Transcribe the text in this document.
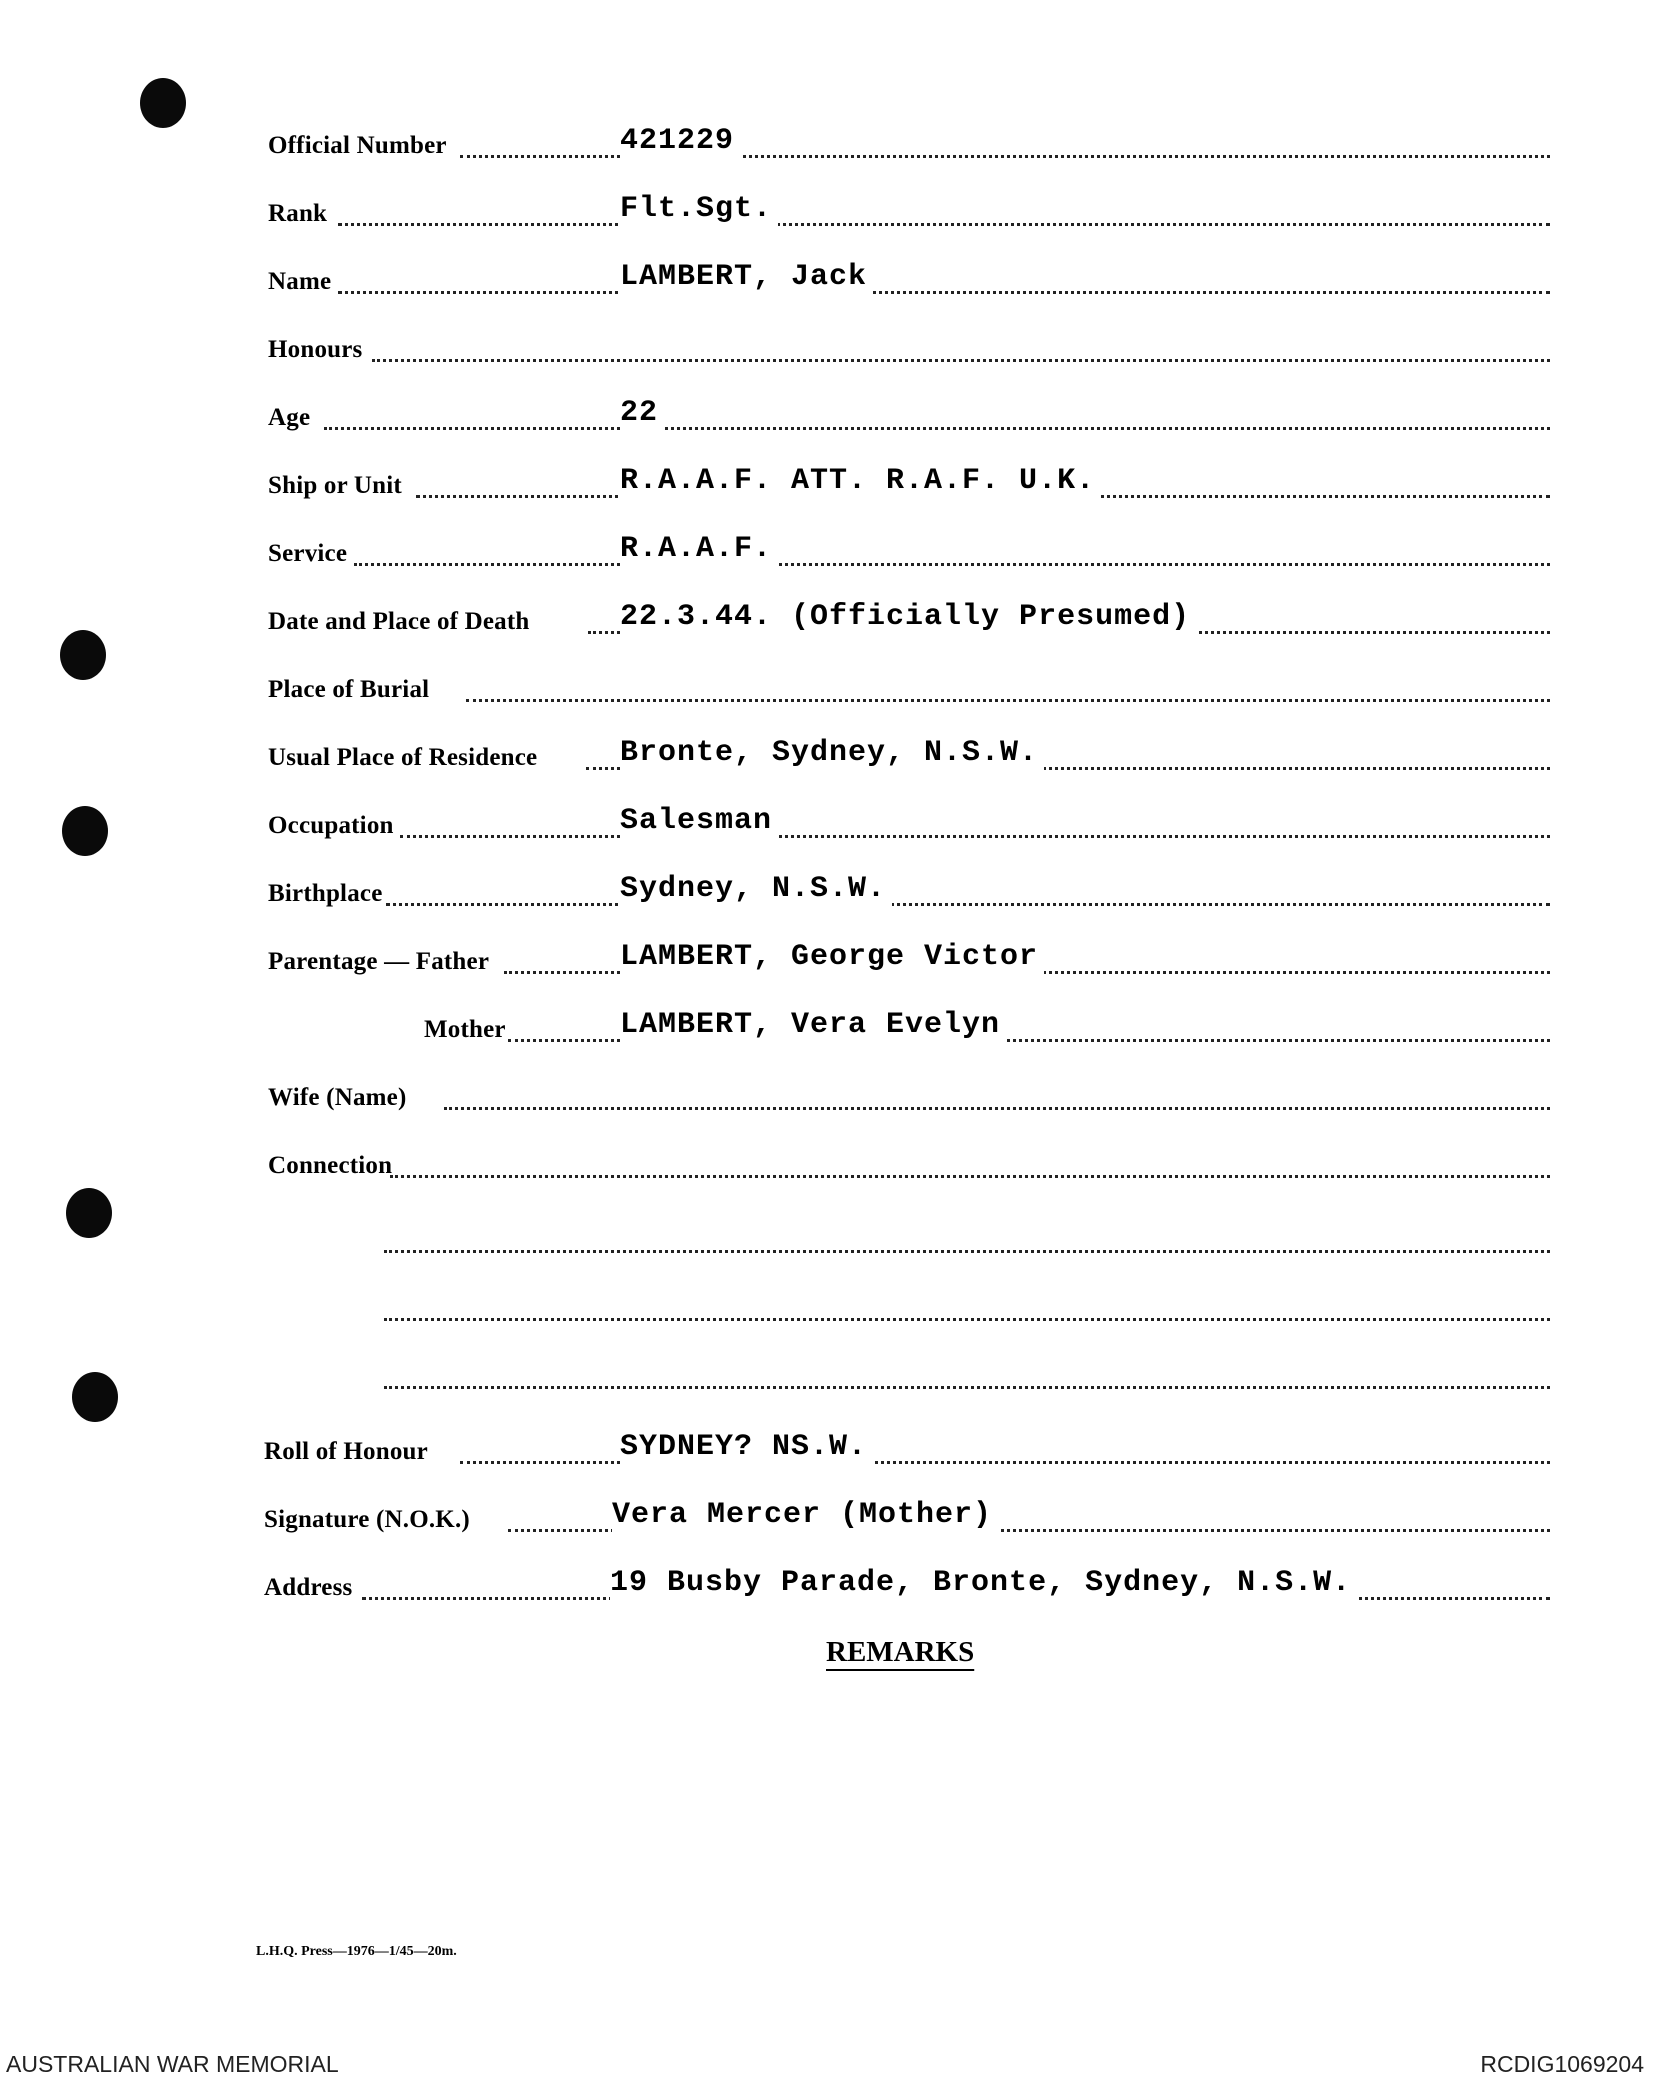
Official Number	421229
Rank	Flt.Sgt.
Name	LAMBERT, Jack
Honours
Age	22
Ship or Unit	R.A.A.F. ATT. R.A.F. U.K.
Service	R.A.A.F.
Date and Place of Death	22.3.44. (Officially Presumed)
Place of Burial
Usual Place of Residence	Bronte, Sydney, N.S.W.
Occupation	Salesman
Birthplace	Sydney, N.S.W.
Parentage — Father	LAMBERT, George Victor
Mother	LAMBERT, Vera Evelyn
Wife (Name)
Connection
Roll of Honour	SYDNEY? NS.W.
Signature (N.O.K.)	Vera Mercer (Mother)
Address	19 Busby Parade, Bronte, Sydney, N.S.W.
REMARKS
L.H.Q. Press—1976—1/45—20m.
AUSTRALIAN WAR MEMORIAL	RCDIG1069204
